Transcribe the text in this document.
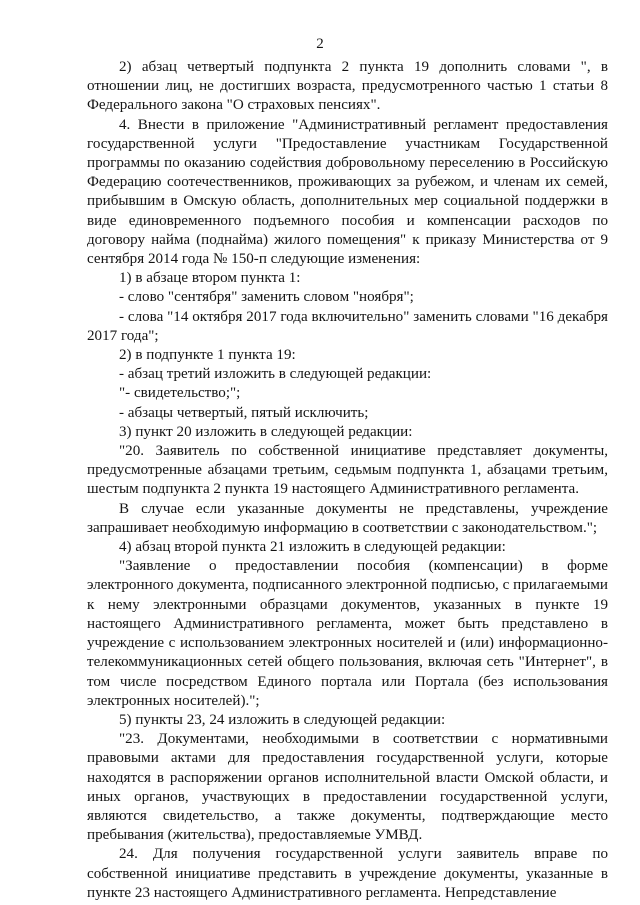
2

2) абзац четвертый подпункта 2 пункта 19 дополнить словами ", в отношении лиц, не достигших возраста, предусмотренного частью 1 статьи 8 Федерального закона "О страховых пенсиях".

4. Внести в приложение "Административный регламент предоставления государственной услуги "Предоставление участникам Государственной программы по оказанию содействия добровольному переселению в Российскую Федерацию соотечественников, проживающих за рубежом, и членам их семей, прибывшим в Омскую область, дополнительных мер социальной поддержки в виде единовременного подъемного пособия и компенсации расходов по договору найма (поднайма) жилого помещения" к приказу Министерства от 9 сентября 2014 года № 150-п следующие изменения:

1) в абзаце втором пункта 1:

- слово "сентября" заменить словом "ноября";

- слова "14 октября 2017 года включительно" заменить словами "16 декабря 2017 года";

2) в подпункте 1 пункта 19:

- абзац третий изложить в следующей редакции:

"- свидетельство;";

- абзацы четвертый, пятый исключить;

3) пункт 20 изложить в следующей редакции:

"20. Заявитель по собственной инициативе представляет документы, предусмотренные абзацами третьим, седьмым подпункта 1, абзацами третьим, шестым подпункта 2 пункта 19 настоящего Административного регламента.

В случае если указанные документы не представлены, учреждение запрашивает необходимую информацию в соответствии с законодательством.";

4) абзац второй пункта 21 изложить в следующей редакции:

"Заявление о предоставлении пособия (компенсации) в форме электронного документа, подписанного электронной подписью, с прилагаемыми к нему электронными образцами документов, указанных в пункте 19 настоящего Административного регламента, может быть представлено в учреждение с использованием электронных носителей и (или) информационно-телекоммуникационных сетей общего пользования, включая сеть "Интернет", в том числе посредством Единого портала или Портала (без использования электронных носителей).";

5) пункты 23, 24 изложить в следующей редакции:

"23. Документами, необходимыми в соответствии с нормативными правовыми актами для предоставления государственной услуги, которые находятся в распоряжении органов исполнительной власти Омской области, и иных органов, участвующих в предоставлении государственной услуги, являются свидетельство, а также документы, подтверждающие место пребывания (жительства), предоставляемые УМВД.

24. Для получения государственной услуги заявитель вправе по собственной инициативе представить в учреждение документы, указанные в пункте 23 настоящего Административного регламента. Непредставление
